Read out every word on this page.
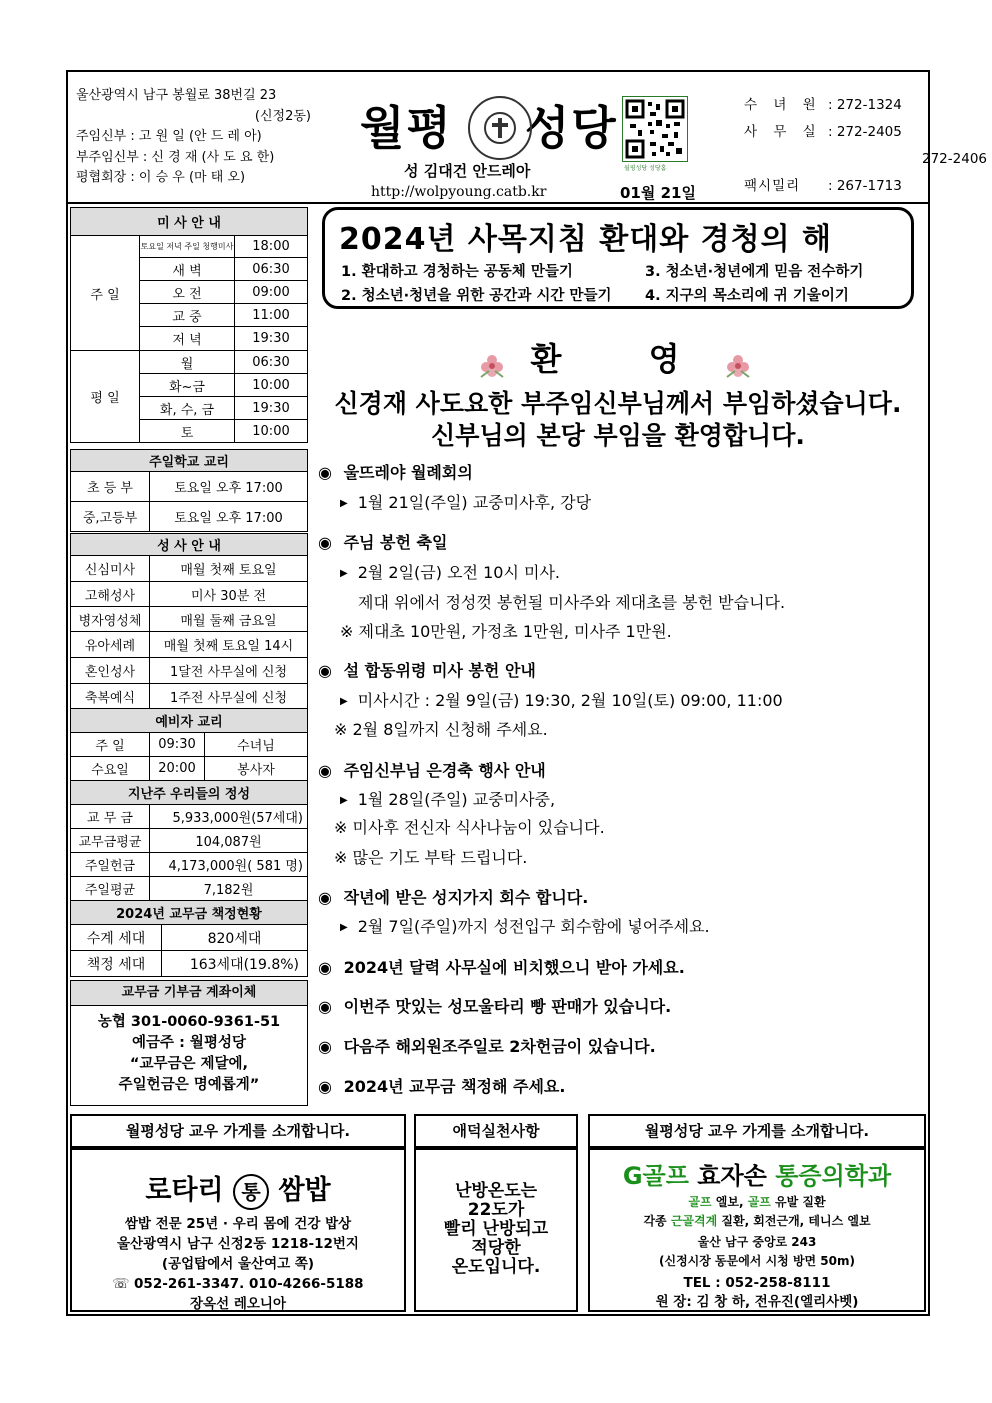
울산광역시 남구 봉월로 38번길 23
(신정2동)
주임신부 : 고 원 일 (안 드 레 아)
부주임신부 : 신 경 재 (사 도 요 한)
평협회장 : 이 승 우 (마 태 오)
월평 성당
성 김대건 안드레아
http://wolpyoung.catb.kr	01월 21일
월평성당 성당홈
수 녀 원	: 272-1324
사 무 실	: 272-2405
	272-2406
팩시밀리	: 267-1713
미 사 안 내		
주 일	토요일 저녁 주일 청행미사	18:00
	새 벽	06:30
	오 전	09:00
	교 중	11:00
	저 녁	19:30
평 일	월	06:30
	화~금	10:00
	화, 수, 금	19:30
	토	10:00
주일학교 교리	
초 등 부	토요일 오후 17:00
중,고등부	토요일 오후 17:00
성 사 안 내	
신심미사	매월 첫째 토요일
고해성사	미사 30분 전
병자영성체	매월 둘째 금요일
유아세례	매월 첫째 토요일 14시
혼인성사	1달전 사무실에 신청
축복예식	1주전 사무실에 신청
예비자 교리		
주 일	09:30	수녀님
수요일	20:00	봉사자
지난주 우리들의 정성	
교 무 금	5,933,000원(57세대)
교무금평균	104,087원
주일헌금	4,173,000원( 581 명)
주일평균	7,182원
2024년 교무금 책정현황	
수계 세대	820세대
책정 세대	163세대(19.8%)
교무금 기부금 계좌이체
농협 301-0060-9361-51
예금주 : 월평성당
“교무금은 제달에,
주일헌금은 명예롭게”
2024년 사목지침 환대와 경청의 해
1. 환대하고 경청하는 공동체 만들기	3. 청소년·청년에게 믿음 전수하기
2. 청소년·청년을 위한 공간과 시간 만들기 4. 지구의 목소리에 귀 기울이기
환 영
신경재 사도요한 부주임신부님께서 부임하셨습니다.
신부님의 본당 부임을 환영합니다.
◉ 울뜨레야 월례회의
▶ 1월 21일(주일) 교중미사후, 강당
◉ 주님 봉헌 축일
▶ 2월 2일(금) 오전 10시 미사.
제대 위에서 정성껏 봉헌될 미사주와 제대초를 봉헌 받습니다.
※ 제대초 10만원, 가정초 1만원, 미사주 1만원.
◉ 설 합동위령 미사 봉헌 안내
▶ 미사시간 : 2월 9일(금) 19:30, 2월 10일(토) 09:00, 11:00
※ 2월 8일까지 신청해 주세요.
◉ 주임신부님 은경축 행사 안내
▶ 1월 28일(주일) 교중미사중,
※ 미사후 전신자 식사나눔이 있습니다.
※ 많은 기도 부탁 드립니다.
◉ 작년에 받은 성지가지 회수 합니다.
▶ 2월 7일(주일)까지 성전입구 회수함에 넣어주세요.
◉ 2024년 달력 사무실에 비치했으니 받아 가세요.
◉ 이번주 맛있는 성모울타리 빵 판매가 있습니다.
◉ 다음주 해외원조주일로 2차헌금이 있습니다.
◉ 2024년 교무금 책정해 주세요.
월평성당 교우 가게를 소개합니다.
로타리 통 쌈밥
쌈밥 전문 25년 · 우리 몸에 건강 밥상
울산광역시 남구 신정2동 1218-12번지
(공업탑에서 울산여고 쪽)
☏ 052-261-3347. 010-4266-5188
장옥선 레오니아
애덕실천사항
난방온도는
22도가
빨리 난방되고
적당한
온도입니다.
월평성당 교우 가게를 소개합니다.
G골프 효자손 통증의학과
골프 엘보, 골프 유발 질환
각종 근골격계 질환, 회전근개, 테니스 엘보
울산 남구 중앙로 243
(신정시장 동문에서 시청 방면 50m)
TEL : 052-258-8111
원 장: 김 창 하, 전유진(엘리사벳)
